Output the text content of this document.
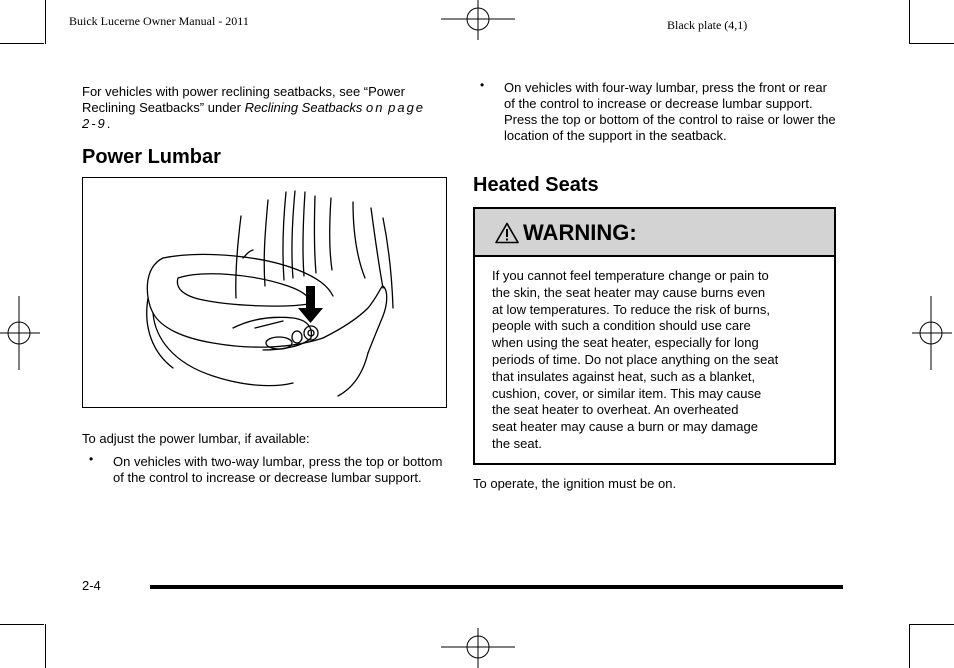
Buick Lucerne Owner Manual - 2011	Black plate (4,1)
For vehicles with power reclining seatbacks, see “Power Reclining Seatbacks” under Reclining Seatbacks on page 2‑9.
Power Lumbar
To adjust the power lumbar, if available:
• On vehicles with two-way lumbar, press the top or bottom of the control to increase or decrease lumbar support.
• On vehicles with four-way lumbar, press the front or rear of the control to increase or decrease lumbar support. Press the top or bottom of the control to raise or lower the location of the support in the seatback.
Heated Seats
WARNING:
If you cannot feel temperature change or pain to
the skin, the seat heater may cause burns even
at low temperatures. To reduce the risk of burns,
people with such a condition should use care
when using the seat heater, especially for long
periods of time. Do not place anything on the seat
that insulates against heat, such as a blanket,
cushion, cover, or similar item. This may cause
the seat heater to overheat. An overheated
seat heater may cause a burn or may damage
the seat.
To operate, the ignition must be on.
2-4
